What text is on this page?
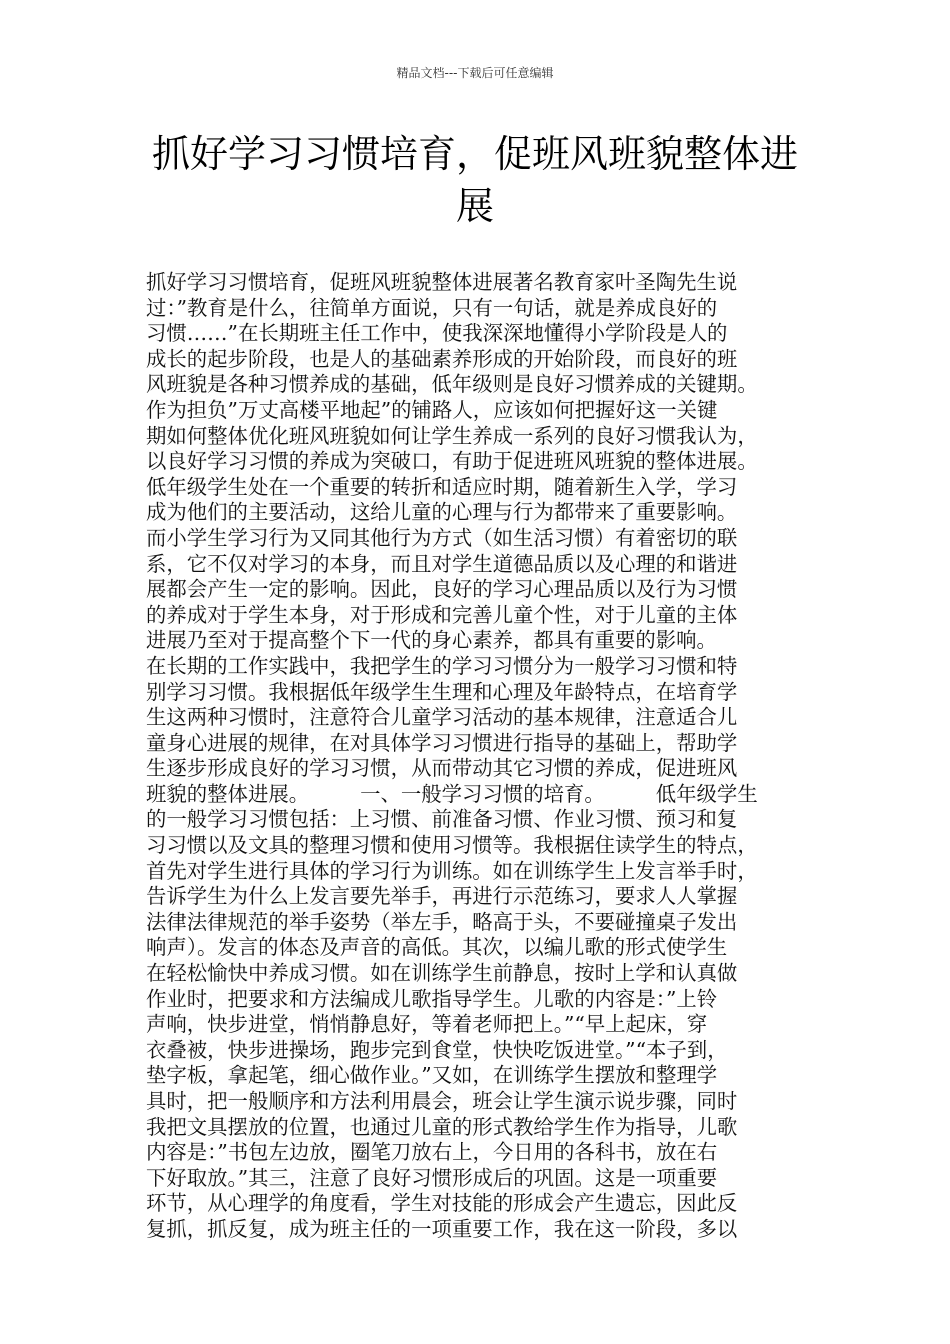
精品文档---下载后可任意编辑
抓好学习习惯培育，促班风班貌整体进
展
抓好学习习惯培育，促班风班貌整体进展著名教育家叶圣陶先生说
过：”教育是什么，往简单方面说，只有一句话，就是养成良好的
习惯……”在长期班主任工作中，使我深深地懂得小学阶段是人的
成长的起步阶段，也是人的基础素养形成的开始阶段，而良好的班
风班貌是各种习惯养成的基础，低年级则是良好习惯养成的关键期。
作为担负”万丈高楼平地起”的铺路人，应该如何把握好这一关键
期如何整体优化班风班貌如何让学生养成一系列的良好习惯我认为，
以良好学习习惯的养成为突破口，有助于促进班风班貌的整体进展。
低年级学生处在一个重要的转折和适应时期，随着新生入学，学习
成为他们的主要活动，这给儿童的心理与行为都带来了重要影响。
而小学生学习行为又同其他行为方式（如生活习惯）有着密切的联
系，它不仅对学习的本身，而且对学生道德品质以及心理的和谐进
展都会产生一定的影响。因此，良好的学习心理品质以及行为习惯
的养成对于学生本身，对于形成和完善儿童个性，对于儿童的主体
进展乃至对于提高整个下一代的身心素养，都具有重要的影响。
在长期的工作实践中，我把学生的学习习惯分为一般学习习惯和特
别学习习惯。我根据低年级学生生理和心理及年龄特点，在培育学
生这两种习惯时，注意符合儿童学习活动的基本规律，注意适合儿
童身心进展的规律，在对具体学习习惯进行指导的基础上，帮助学
生逐步形成良好的学习习惯，从而带动其它习惯的养成，促进班风
班貌的整体进展。　　　一、一般学习习惯的培育。　　　低年级学生
的一般学习习惯包括：上习惯、前准备习惯、作业习惯、预习和复
习习惯以及文具的整理习惯和使用习惯等。我根据住读学生的特点，
首先对学生进行具体的学习行为训练。如在训练学生上发言举手时，
告诉学生为什么上发言要先举手，再进行示范练习，要求人人掌握
法律法律规范的举手姿势（举左手，略高于头，不要碰撞桌子发出
响声）。发言的体态及声音的高低。其次，以编儿歌的形式使学生
在轻松愉快中养成习惯。如在训练学生前静息，按时上学和认真做
作业时，把要求和方法编成儿歌指导学生。儿歌的内容是：”上铃
声响，快步进堂，悄悄静息好，等着老师把上。”“早上起床，穿
衣叠被，快步进操场，跑步完到食堂，快快吃饭进堂。”“本子到，
垫字板，拿起笔，细心做作业。”又如，在训练学生摆放和整理学
具时，把一般顺序和方法利用晨会，班会让学生演示说步骤，同时
我把文具摆放的位置，也通过儿童的形式教给学生作为指导，儿歌
内容是：”书包左边放，圈笔刀放右上，今日用的各科书，放在右
下好取放。”其三，注意了良好习惯形成后的巩固。这是一项重要
环节，从心理学的角度看，学生对技能的形成会产生遗忘，因此反
复抓，抓反复，成为班主任的一项重要工作，我在这一阶段，多以
